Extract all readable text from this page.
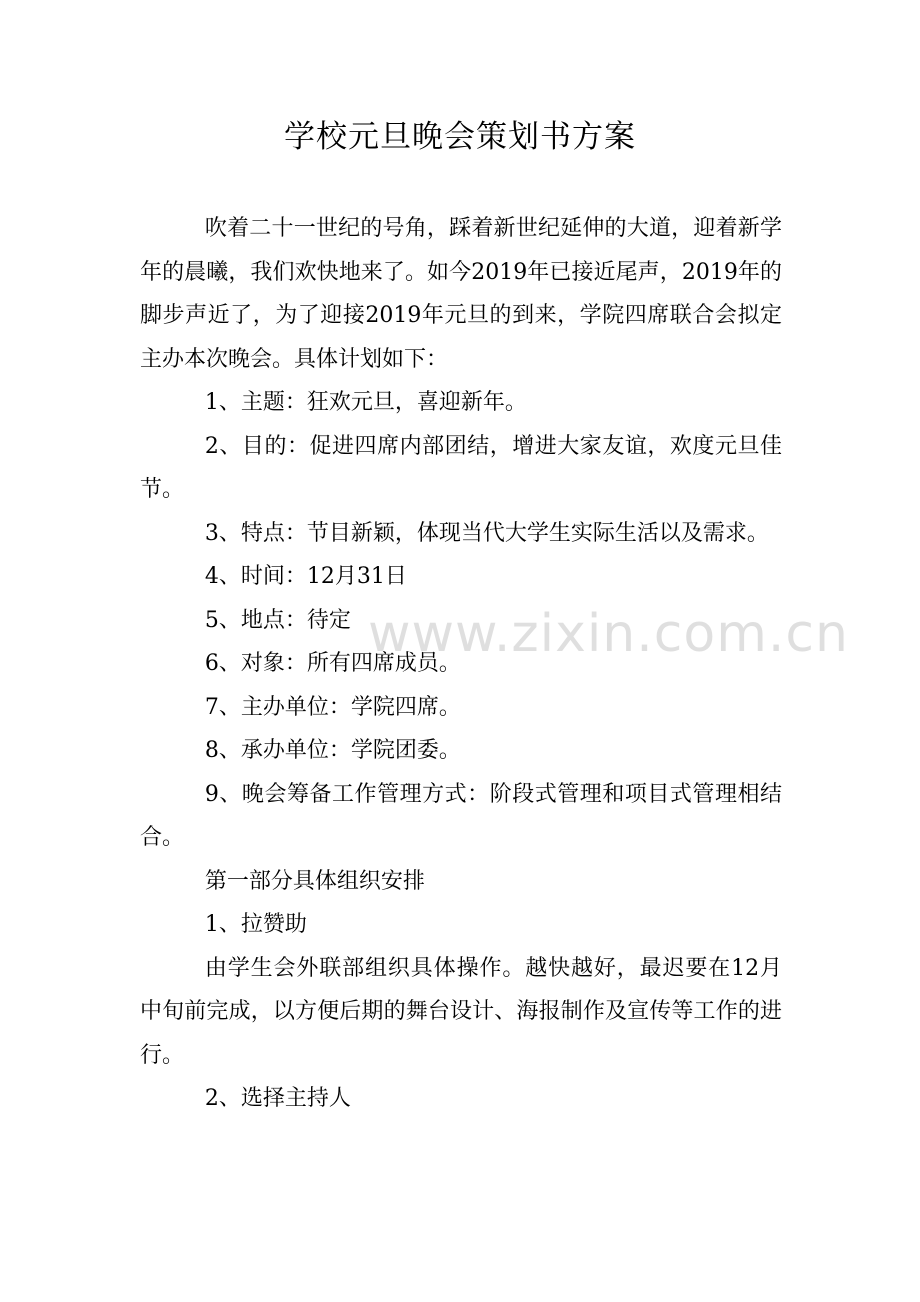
学校元旦晚会策划书方案

吹着二十一世纪的号角，踩着新世纪延伸的大道，迎着新学年的晨曦，我们欢快地来了。如今2019年已接近尾声，2019年的脚步声近了，为了迎接2019年元旦的到来，学院四席联合会拟定主办本次晚会。具体计划如下：

1、主题：狂欢元旦，喜迎新年。

2、目的：促进四席内部团结，增进大家友谊，欢度元旦佳节。

3、特点：节目新颖，体现当代大学生实际生活以及需求。

4、时间：12月31日

5、地点：待定

6、对象：所有四席成员。

7、主办单位：学院四席。

8、承办单位：学院团委。

9、晚会筹备工作管理方式：阶段式管理和项目式管理相结合。

第一部分具体组织安排

1、拉赞助

由学生会外联部组织具体操作。越快越好，最迟要在12月中旬前完成，以方便后期的舞台设计、海报制作及宣传等工作的进行。

2、选择主持人

www.zixin.com.cn
